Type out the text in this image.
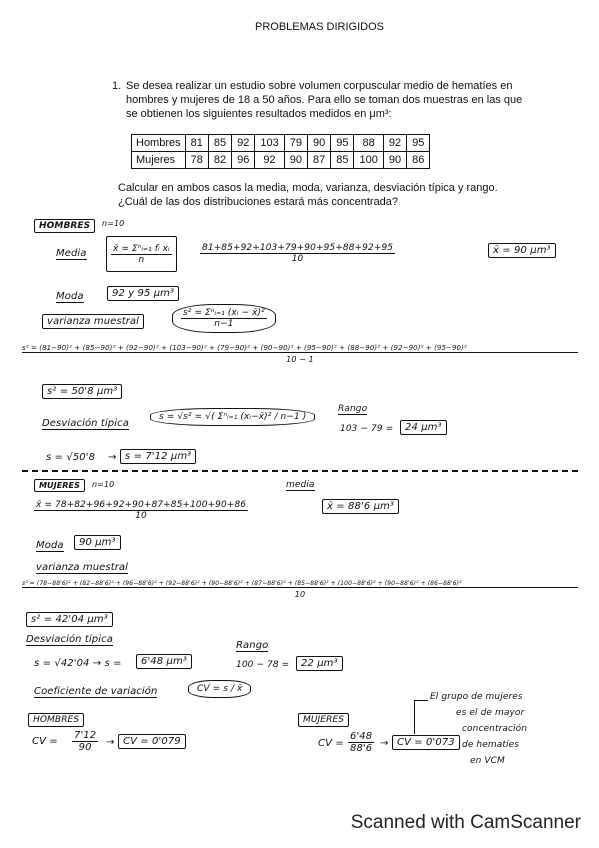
PROBLEMAS DIRIGIDOS
1. Se desea realizar un estudio sobre volumen corpuscular medio de hematíes en
hombres y mujeres de 18 a 50 años. Para ello se toman dos muestras en las que
se obtienen los siguientes resultados medidos en μm³:
Hombres	81	85	92	103	79	90	95	88	92	95
Mujeres	78	82	96	92	90	87	85	100	90	86
Calcular en ambos casos la media, moda, varianza, desviación típica y rango.
¿Cuál de las dos distribuciones estará más concentrada?
HOMBRES	n=10
Media	$\frac{\text{x̄ = Σⁿᵢ₌₁ fᵢ xᵢ}}{n}$	$\frac{81+85+92+103+79+90+95+88+92+95}{10}$	x̄ = 90 μm³
Moda	92 y 95 μm³
varianza muestral	$\frac{\text{s² = Σⁿᵢ₌₁ (xᵢ − x̄)²}}{n-1}$
s² = (81−90)² + (85−90)² + (92−90)² + (103−90)² + (79−90)² + (90−90)² + (95−90)² + (88−90)² + (92−90)² + (95−90)²
10 − 1
s² = 50'8 μm³
Desviación típica
s = √s² = √( Σⁿᵢ₌₁ (xᵢ−x̄)² / n−1 )
Rango
103 − 79 =	24 μm³
s = √50'8 → s = 7'12 μm³
MUJERES	n=10	media
$\frac{x̄ = 78+82+96+92+90+87+85+100+90+86}{10}$	x̄ = 88'6 μm³
Moda	90 μm³
varianza muestral
s² = (78−88'6)² + (82−88'6)² + (96−88'6)² + (92−88'6)² + (90−88'6)² + (87−88'6)² + (85−88'6)² + (100−88'6)² + (90−88'6)² + (86−88'6)²
10
s² = 42'04 μm³
Desviación típica
s = √42'04 → s =	6'48 μm³
Rango
100 − 78 =	22 μm³
Coeficiente de variación	CV = s / x̄
HOMBRES
CV = $\frac{7'12}{90}$ → CV = 0'079
MUJERES
CV = $\frac{6'48}{88'6}$ → CV = 0'073
El grupo de mujeres
es el de mayor
concentración
de hematíes
en VCM
Scanned with CamScanner
